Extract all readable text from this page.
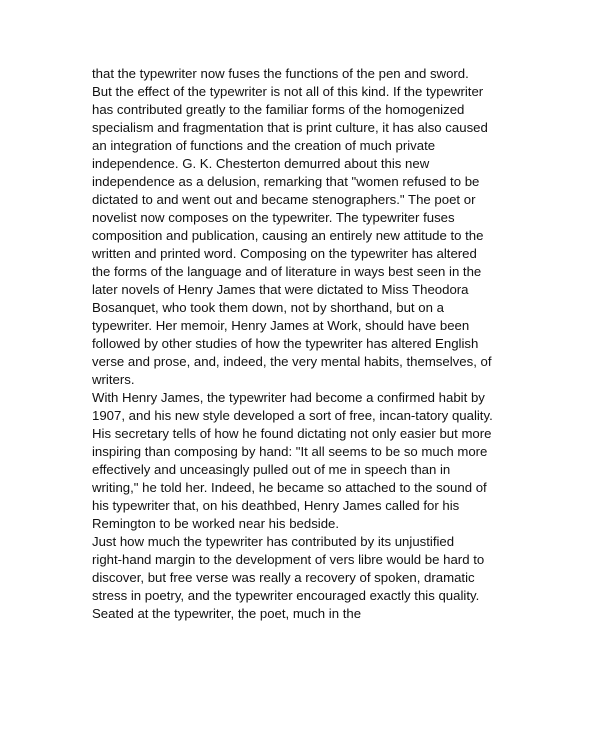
that the typewriter now fuses the functions of the pen and sword.
But the effect of the typewriter is not all of this kind. If the typewriter
has contributed greatly to the familiar forms of the homogenized
specialism and fragmentation that is print culture, it has also caused
an integration of functions and the creation of much private
independence. G. K. Chesterton demurred about this new
independence as a delusion, remarking that "women refused to be
dictated to and went out and became stenographers." The poet or
novelist now composes on the typewriter. The typewriter fuses
composition and publication, causing an entirely new attitude to the
written and printed word. Composing on the typewriter has altered
the forms of the language and of literature in ways best seen in the
later novels of Henry James that were dictated to Miss Theodora
Bosanquet, who took them down, not by shorthand, but on a
typewriter. Her memoir, Henry James at Work, should have been
followed by other studies of how the typewriter has altered English
verse and prose, and, indeed, the very mental habits, themselves, of
writers.
With Henry James, the typewriter had become a confirmed habit by
1907, and his new style developed a sort of free, incan-tatory quality.
His secretary tells of how he found dictating not only easier but more
inspiring than composing by hand: "It all seems to be so much more
effectively and unceasingly pulled out of me in speech than in
writing," he told her. Indeed, he became so attached to the sound of
his typewriter that, on his deathbed, Henry James called for his
Remington to be worked near his bedside.
Just how much the typewriter has contributed by its unjustified
right-hand margin to the development of vers libre would be hard to
discover, but free verse was really a recovery of spoken, dramatic
stress in poetry, and the typewriter encouraged exactly this quality.
Seated at the typewriter, the poet, much in the
